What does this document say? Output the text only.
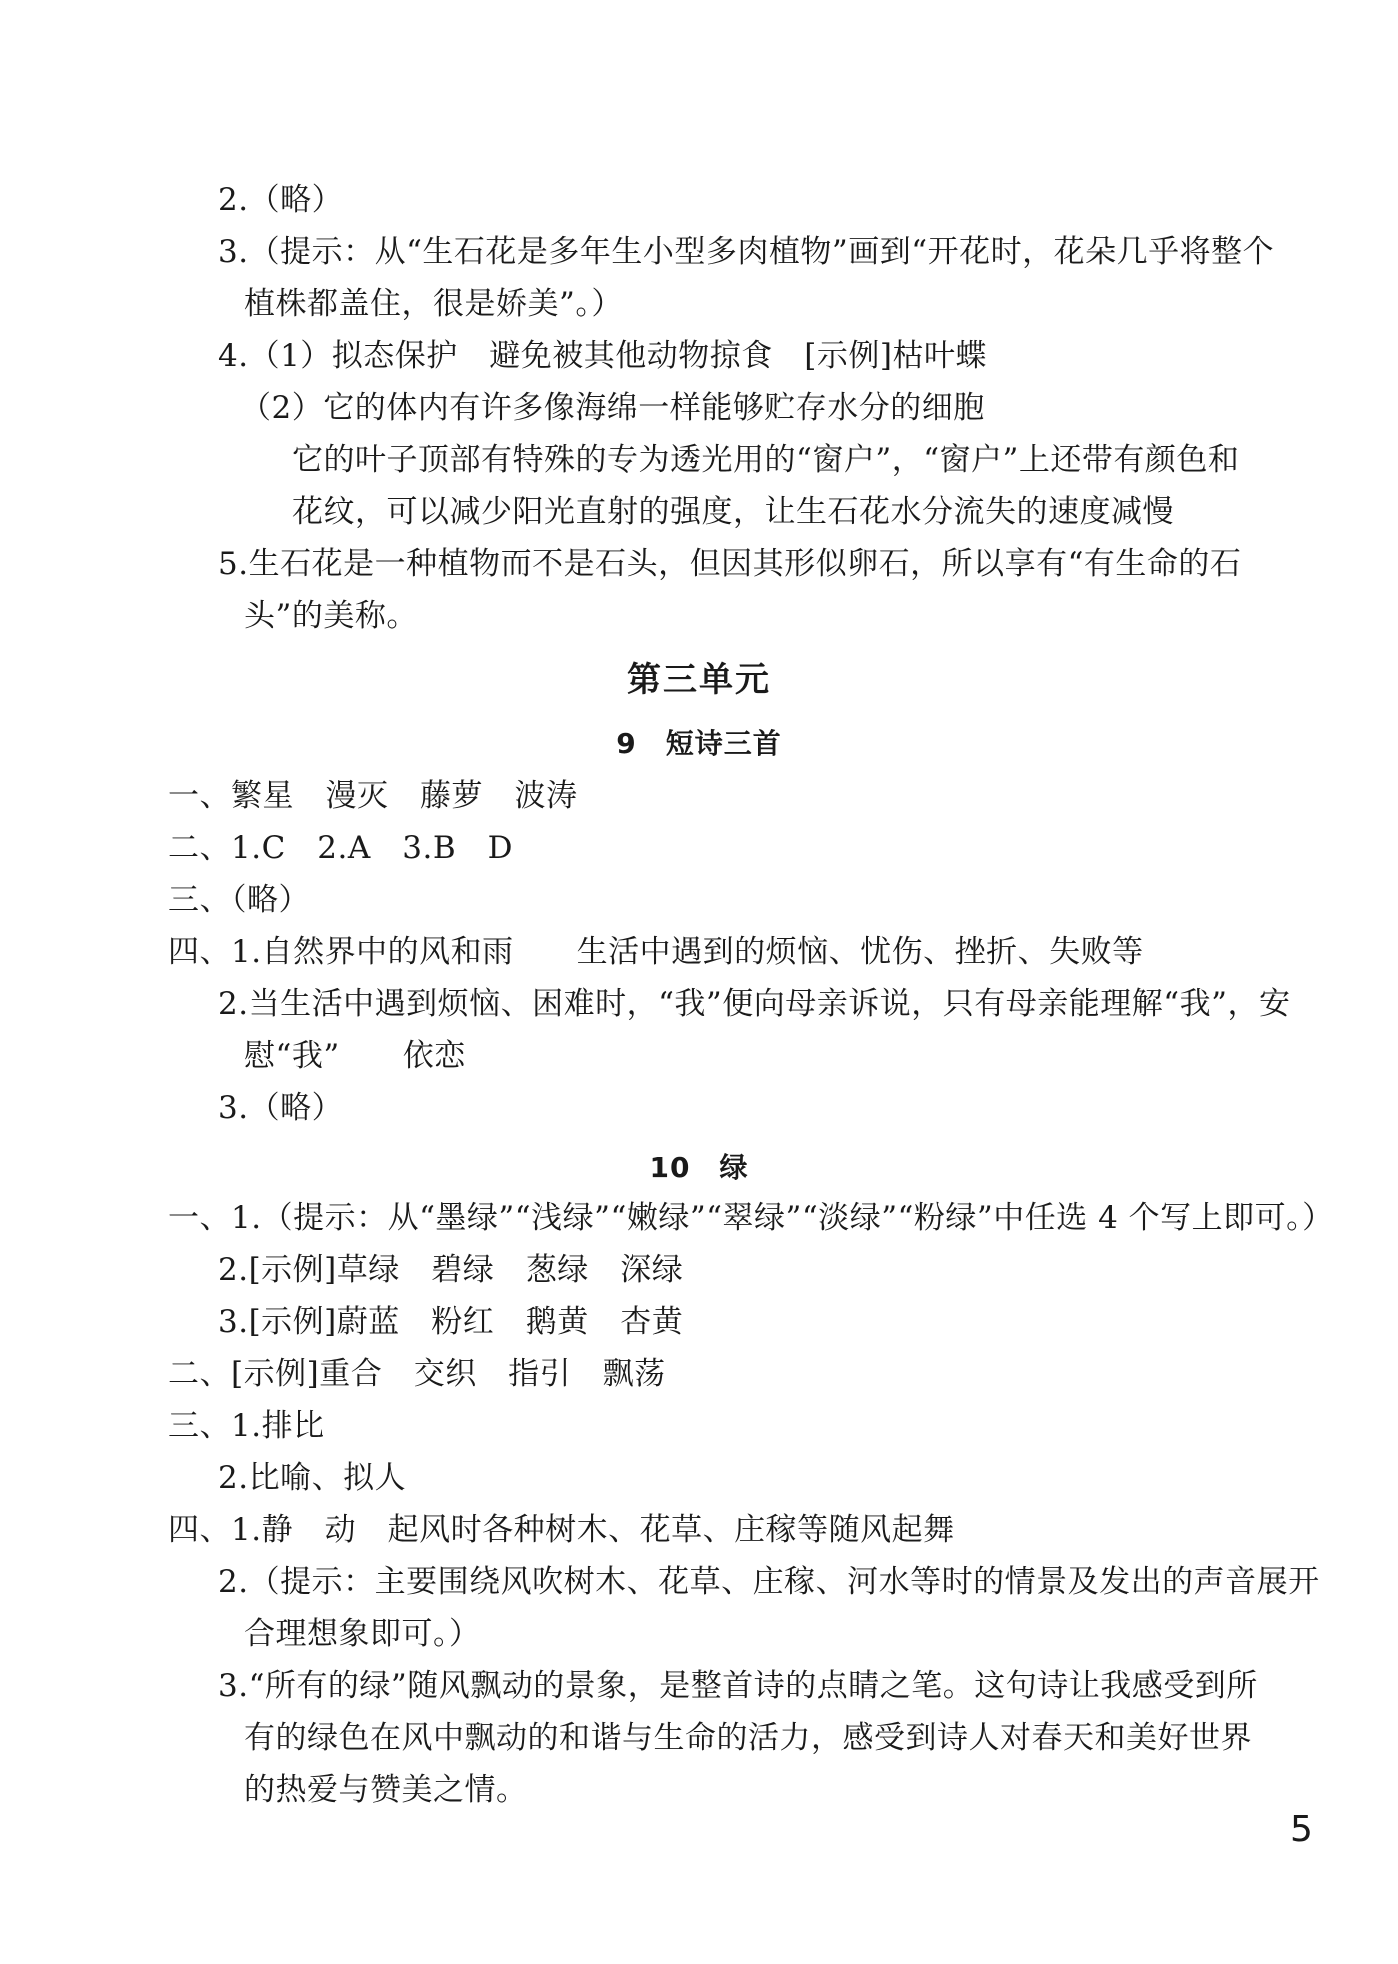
2.（略）
3.（提示：从“生石花是多年生小型多肉植物”画到“开花时，花朵几乎将整个
植株都盖住，很是娇美”。）
4.（1）拟态保护　避免被其他动物掠食　[示例]枯叶蝶
（2）它的体内有许多像海绵一样能够贮存水分的细胞
它的叶子顶部有特殊的专为透光用的“窗户”，“窗户”上还带有颜色和
花纹，可以减少阳光直射的强度，让生石花水分流失的速度减慢
5.生石花是一种植物而不是石头，但因其形似卵石，所以享有“有生命的石
头”的美称。
第三单元
9　短诗三首
一、繁星　漫灭　藤萝　波涛
二、1.C　2.A　3.B　D
三、（略）
四、1.自然界中的风和雨　　生活中遇到的烦恼、忧伤、挫折、失败等
2.当生活中遇到烦恼、困难时，“我”便向母亲诉说，只有母亲能理解“我”，安
慰“我”　　依恋
3.（略）
10　绿
一、1.（提示：从“墨绿”“浅绿”“嫩绿”“翠绿”“淡绿”“粉绿”中任选 4 个写上即可。）
2.[示例]草绿　碧绿　葱绿　深绿
3.[示例]蔚蓝　粉红　鹅黄　杏黄
二、[示例]重合　交织　指引　飘荡
三、1.排比
2.比喻、拟人
四、1.静　动　起风时各种树木、花草、庄稼等随风起舞
2.（提示：主要围绕风吹树木、花草、庄稼、河水等时的情景及发出的声音展开
合理想象即可。）
3.“所有的绿”随风飘动的景象，是整首诗的点睛之笔。这句诗让我感受到所
有的绿色在风中飘动的和谐与生命的活力，感受到诗人对春天和美好世界
的热爱与赞美之情。
5
